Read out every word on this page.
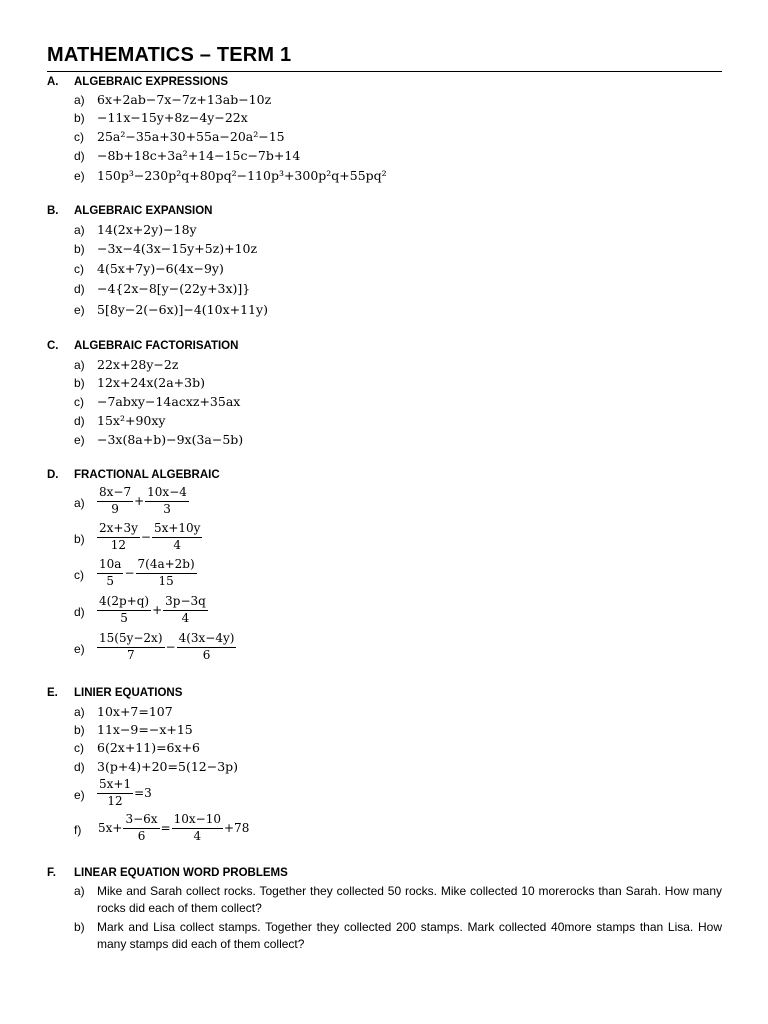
MATHEMATICS – TERM 1
A. ALGEBRAIC EXPRESSIONS
a) 6x+2ab−7x−7z+13ab−10z
b) −11x−15y+8z−4y−22x
c) 25a²−35a+30+55a−20a²−15
d) −8b+18c+3a²+14−15c−7b+14
e) 150p³−230p²q+80pq²−110p³+300p²q+55pq²
B. ALGEBRAIC EXPANSION
a) 14(2x+2y)−18y
b) −3x−4(3x−15y+5z)+10z
c) 4(5x+7y)−6(4x−9y)
d) −4{2x−8[y−(22y+3x)]}
e) 5[8y−2(−6x)]−4(10x+11y)
C. ALGEBRAIC FACTORISATION
a) 22x+28y−2z
b) 12x+24x(2a+3b)
c) −7abxy−14acxz+35ax
d) 15x²+90xy
e) −3x(8a+b)−9x(3a−5b)
D. FRACTIONAL ALGEBRAIC
$a) \frac{8x-7}{9} + \frac{10x-4}{3}$
$b) \frac{2x+3y}{12} - \frac{5x+10y}{4}$
$c) \frac{10a}{5} - \frac{7(4a+2b)}{15}$
$d) \frac{4(2p+q)}{5} + \frac{3p-3q}{4}$
$e) \frac{15(5y-2x)}{7} - \frac{4(3x-4y)}{6}$
E. LINIER EQUATIONS
a) 10x+7=107
b) 11x−9=−x+15
c) 6(2x+11)=6x+6
d) 3(p+4)+20=5(12−3p)
$e) \frac{5x+1}{12} =3$
f) $5x+ \frac{3-6x}{6} = \frac{10x-10}{4} +78$
F. LINEAR EQUATION WORD PROBLEMS
a) Mike and Sarah collect rocks. Together they collected 50 rocks. Mike collected 10 morerocks than Sarah. How many rocks did each of them collect?
b) Mark and Lisa collect stamps. Together they collected 200 stamps. Mark collected 40more stamps than Lisa. How many stamps did each of them collect?
